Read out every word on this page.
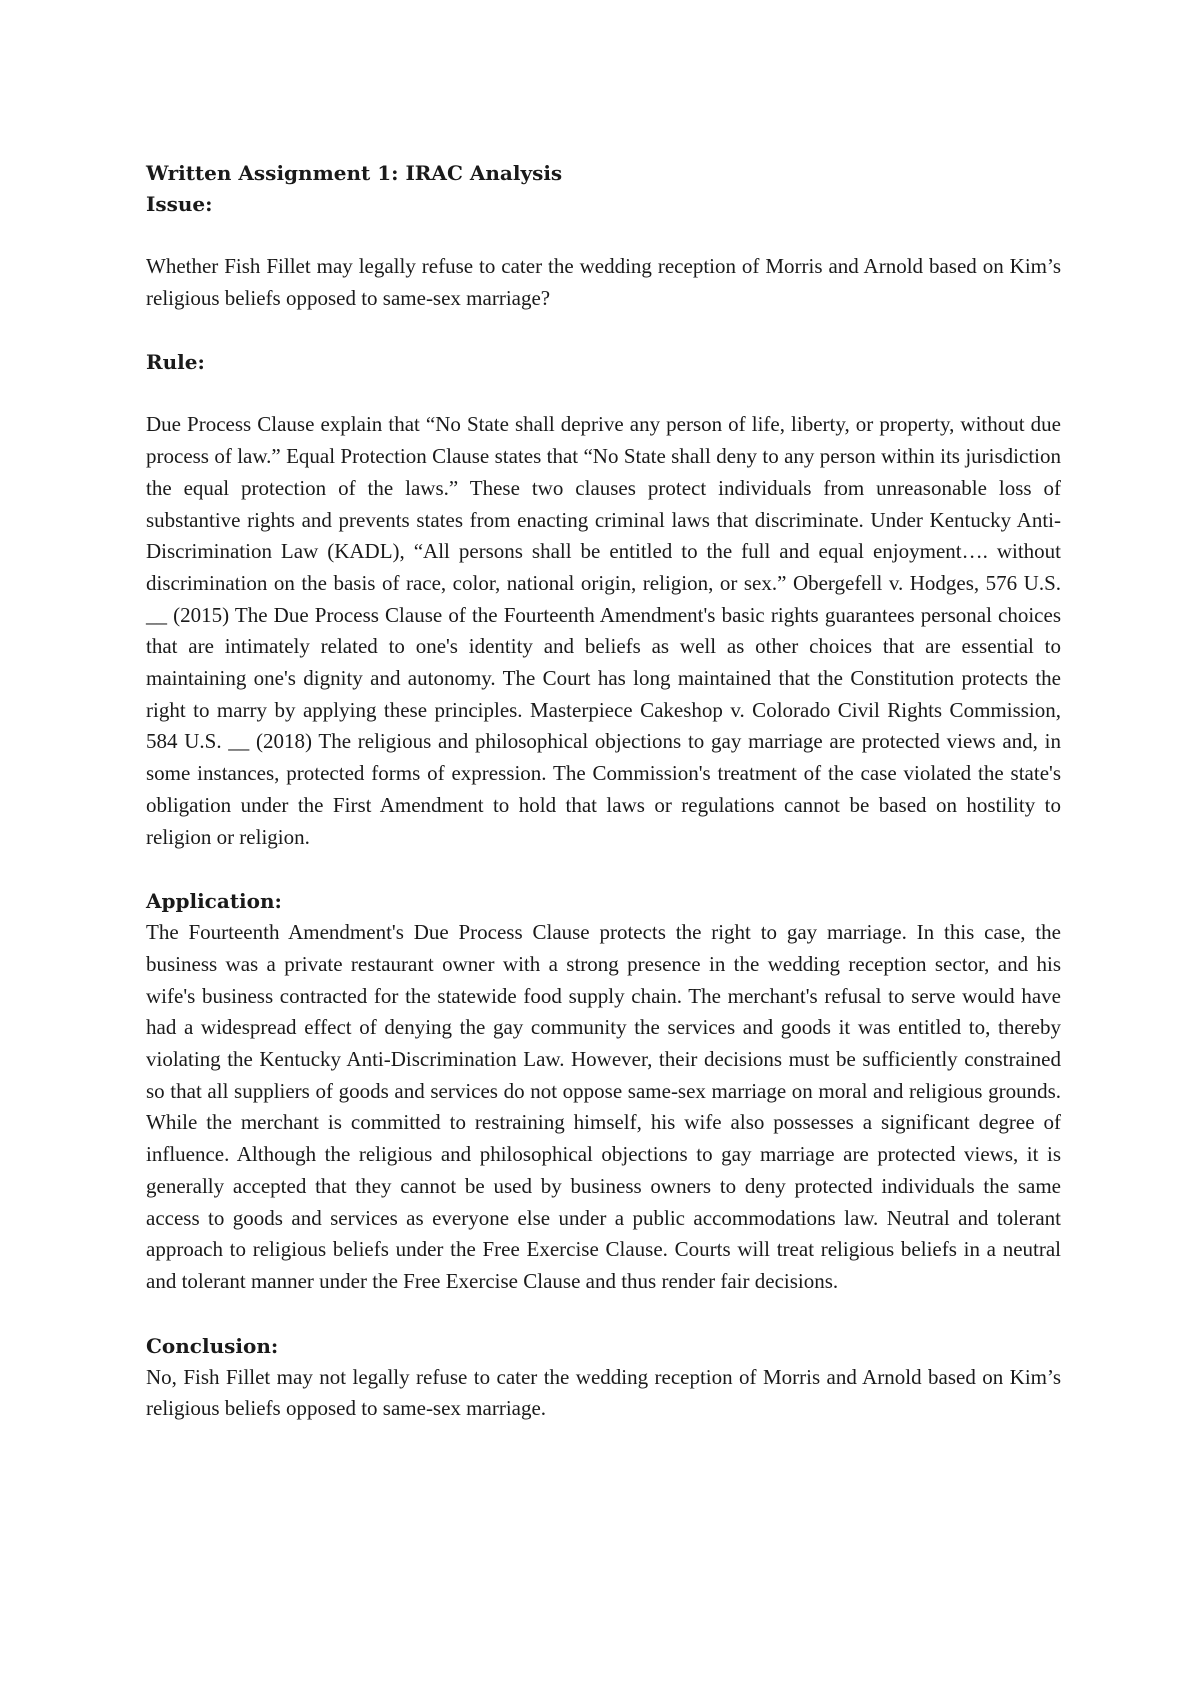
Written Assignment 1: IRAC Analysis

Issue:

Whether Fish Fillet may legally refuse to cater the wedding reception of Morris and Arnold based on Kim’s religious beliefs opposed to same-sex marriage?

Rule:

Due Process Clause explain that “No State shall deprive any person of life, liberty, or property, without due process of law.” Equal Protection Clause states that “No State shall deny to any person within its jurisdiction the equal protection of the laws.” These two clauses protect individuals from unreasonable loss of substantive rights and prevents states from enacting criminal laws that discriminate. Under Kentucky Anti-Discrimination Law (KADL), “All persons shall be entitled to the full and equal enjoyment…. without discrimination on the basis of race, color, national origin, religion, or sex.” Obergefell v. Hodges, 576 U.S. __ (2015) The Due Process Clause of the Fourteenth Amendment's basic rights guarantees personal choices that are intimately related to one's identity and beliefs as well as other choices that are essential to maintaining one's dignity and autonomy. The Court has long maintained that the Constitution protects the right to marry by applying these principles. Masterpiece Cakeshop v. Colorado Civil Rights Commission, 584 U.S. __ (2018) The religious and philosophical objections to gay marriage are protected views and, in some instances, protected forms of expression. The Commission's treatment of the case violated the state's obligation under the First Amendment to hold that laws or regulations cannot be based on hostility to religion or religion.

Application:

The Fourteenth Amendment's Due Process Clause protects the right to gay marriage. In this case, the business was a private restaurant owner with a strong presence in the wedding reception sector, and his wife's business contracted for the statewide food supply chain. The merchant's refusal to serve would have had a widespread effect of denying the gay community the services and goods it was entitled to, thereby violating the Kentucky Anti-Discrimination Law. However, their decisions must be sufficiently constrained so that all suppliers of goods and services do not oppose same-sex marriage on moral and religious grounds. While the merchant is committed to restraining himself, his wife also possesses a significant degree of influence. Although the religious and philosophical objections to gay marriage are protected views, it is generally accepted that they cannot be used by business owners to deny protected individuals the same access to goods and services as everyone else under a public accommodations law. Neutral and tolerant approach to religious beliefs under the Free Exercise Clause. Courts will treat religious beliefs in a neutral and tolerant manner under the Free Exercise Clause and thus render fair decisions.

Conclusion:

No, Fish Fillet may not legally refuse to cater the wedding reception of Morris and Arnold based on Kim’s religious beliefs opposed to same-sex marriage.
